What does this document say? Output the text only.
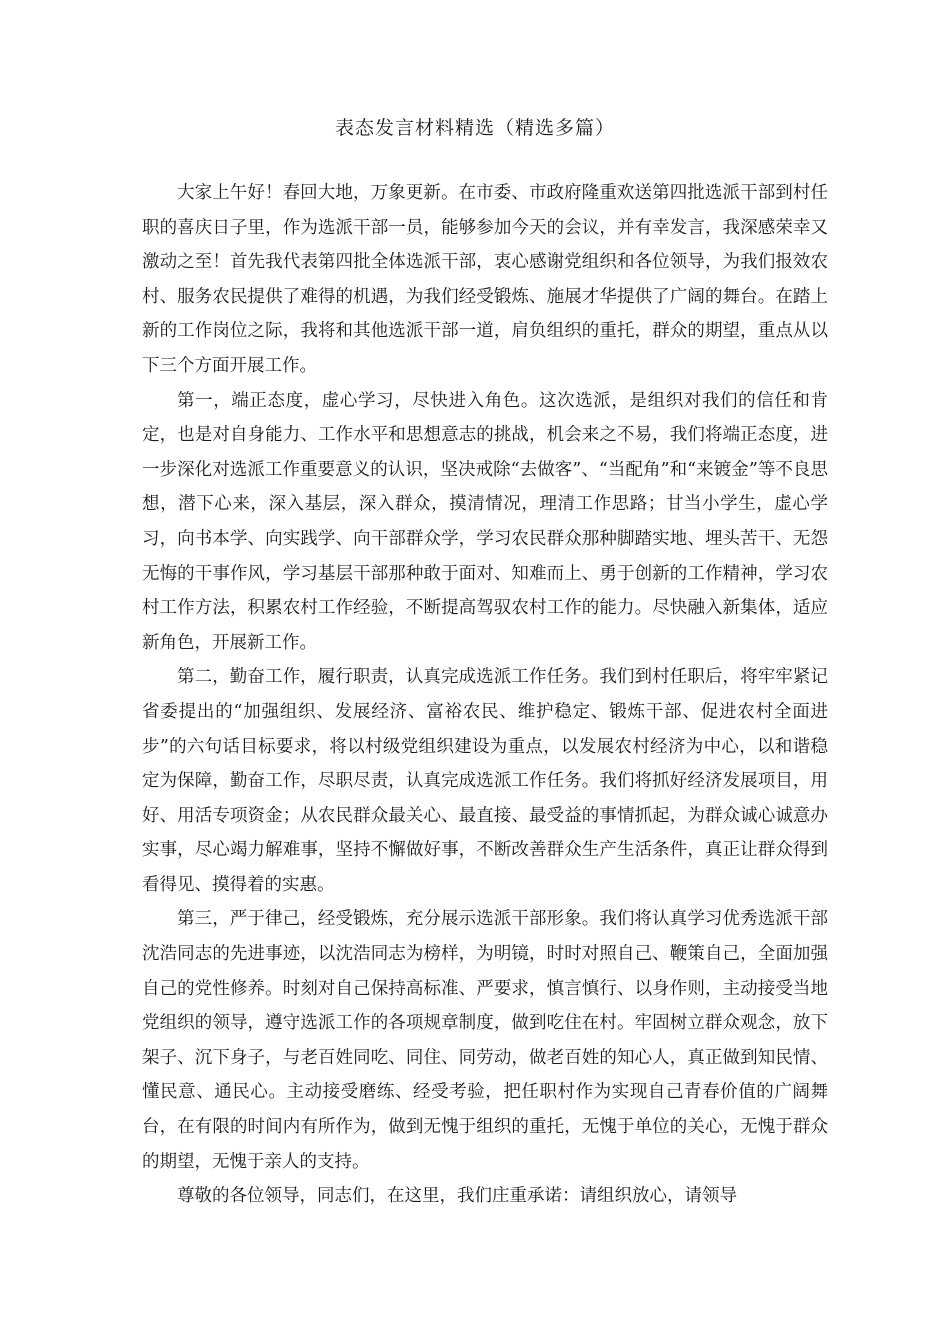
表态发言材料精选（精选多篇）

大家上午好！春回大地，万象更新。在市委、市政府隆重欢送第四批选派干部到村任职的喜庆日子里，作为选派干部一员，能够参加今天的会议，并有幸发言，我深感荣幸又激动之至！首先我代表第四批全体选派干部，衷心感谢党组织和各位领导，为我们报效农村、服务农民提供了难得的机遇，为我们经受锻炼、施展才华提供了广阔的舞台。在踏上新的工作岗位之际，我将和其他选派干部一道，肩负组织的重托，群众的期望，重点从以下三个方面开展工作。

第一，端正态度，虚心学习，尽快进入角色。这次选派，是组织对我们的信任和肯定，也是对自身能力、工作水平和思想意志的挑战，机会来之不易，我们将端正态度，进一步深化对选派工作重要意义的认识，坚决戒除“去做客”、“当配角”和“来镀金”等不良思想，潜下心来，深入基层，深入群众，摸清情况，理清工作思路；甘当小学生，虚心学习，向书本学、向实践学、向干部群众学，学习农民群众那种脚踏实地、埋头苦干、无怨无悔的干事作风，学习基层干部那种敢于面对、知难而上、勇于创新的工作精神，学习农村工作方法，积累农村工作经验，不断提高驾驭农村工作的能力。尽快融入新集体，适应新角色，开展新工作。

第二，勤奋工作，履行职责，认真完成选派工作任务。我们到村任职后，将牢牢紧记省委提出的“加强组织、发展经济、富裕农民、维护稳定、锻炼干部、促进农村全面进步”的六句话目标要求，将以村级党组织建设为重点，以发展农村经济为中心，以和谐稳定为保障，勤奋工作，尽职尽责，认真完成选派工作任务。我们将抓好经济发展项目，用好、用活专项资金；从农民群众最关心、最直接、最受益的事情抓起，为群众诚心诚意办实事，尽心竭力解难事，坚持不懈做好事，不断改善群众生产生活条件，真正让群众得到看得见、摸得着的实惠。

第三，严于律己，经受锻炼，充分展示选派干部形象。我们将认真学习优秀选派干部沈浩同志的先进事迹，以沈浩同志为榜样，为明镜，时时对照自己、鞭策自己，全面加强自己的党性修养。时刻对自己保持高标准、严要求，慎言慎行、以身作则，主动接受当地党组织的领导，遵守选派工作的各项规章制度，做到吃住在村。牢固树立群众观念，放下架子、沉下身子，与老百姓同吃、同住、同劳动，做老百姓的知心人，真正做到知民情、懂民意、通民心。主动接受磨练、经受考验，把任职村作为实现自己青春价值的广阔舞台，在有限的时间内有所作为，做到无愧于组织的重托，无愧于单位的关心，无愧于群众的期望，无愧于亲人的支持。

尊敬的各位领导，同志们，在这里，我们庄重承诺：请组织放心，请领导
